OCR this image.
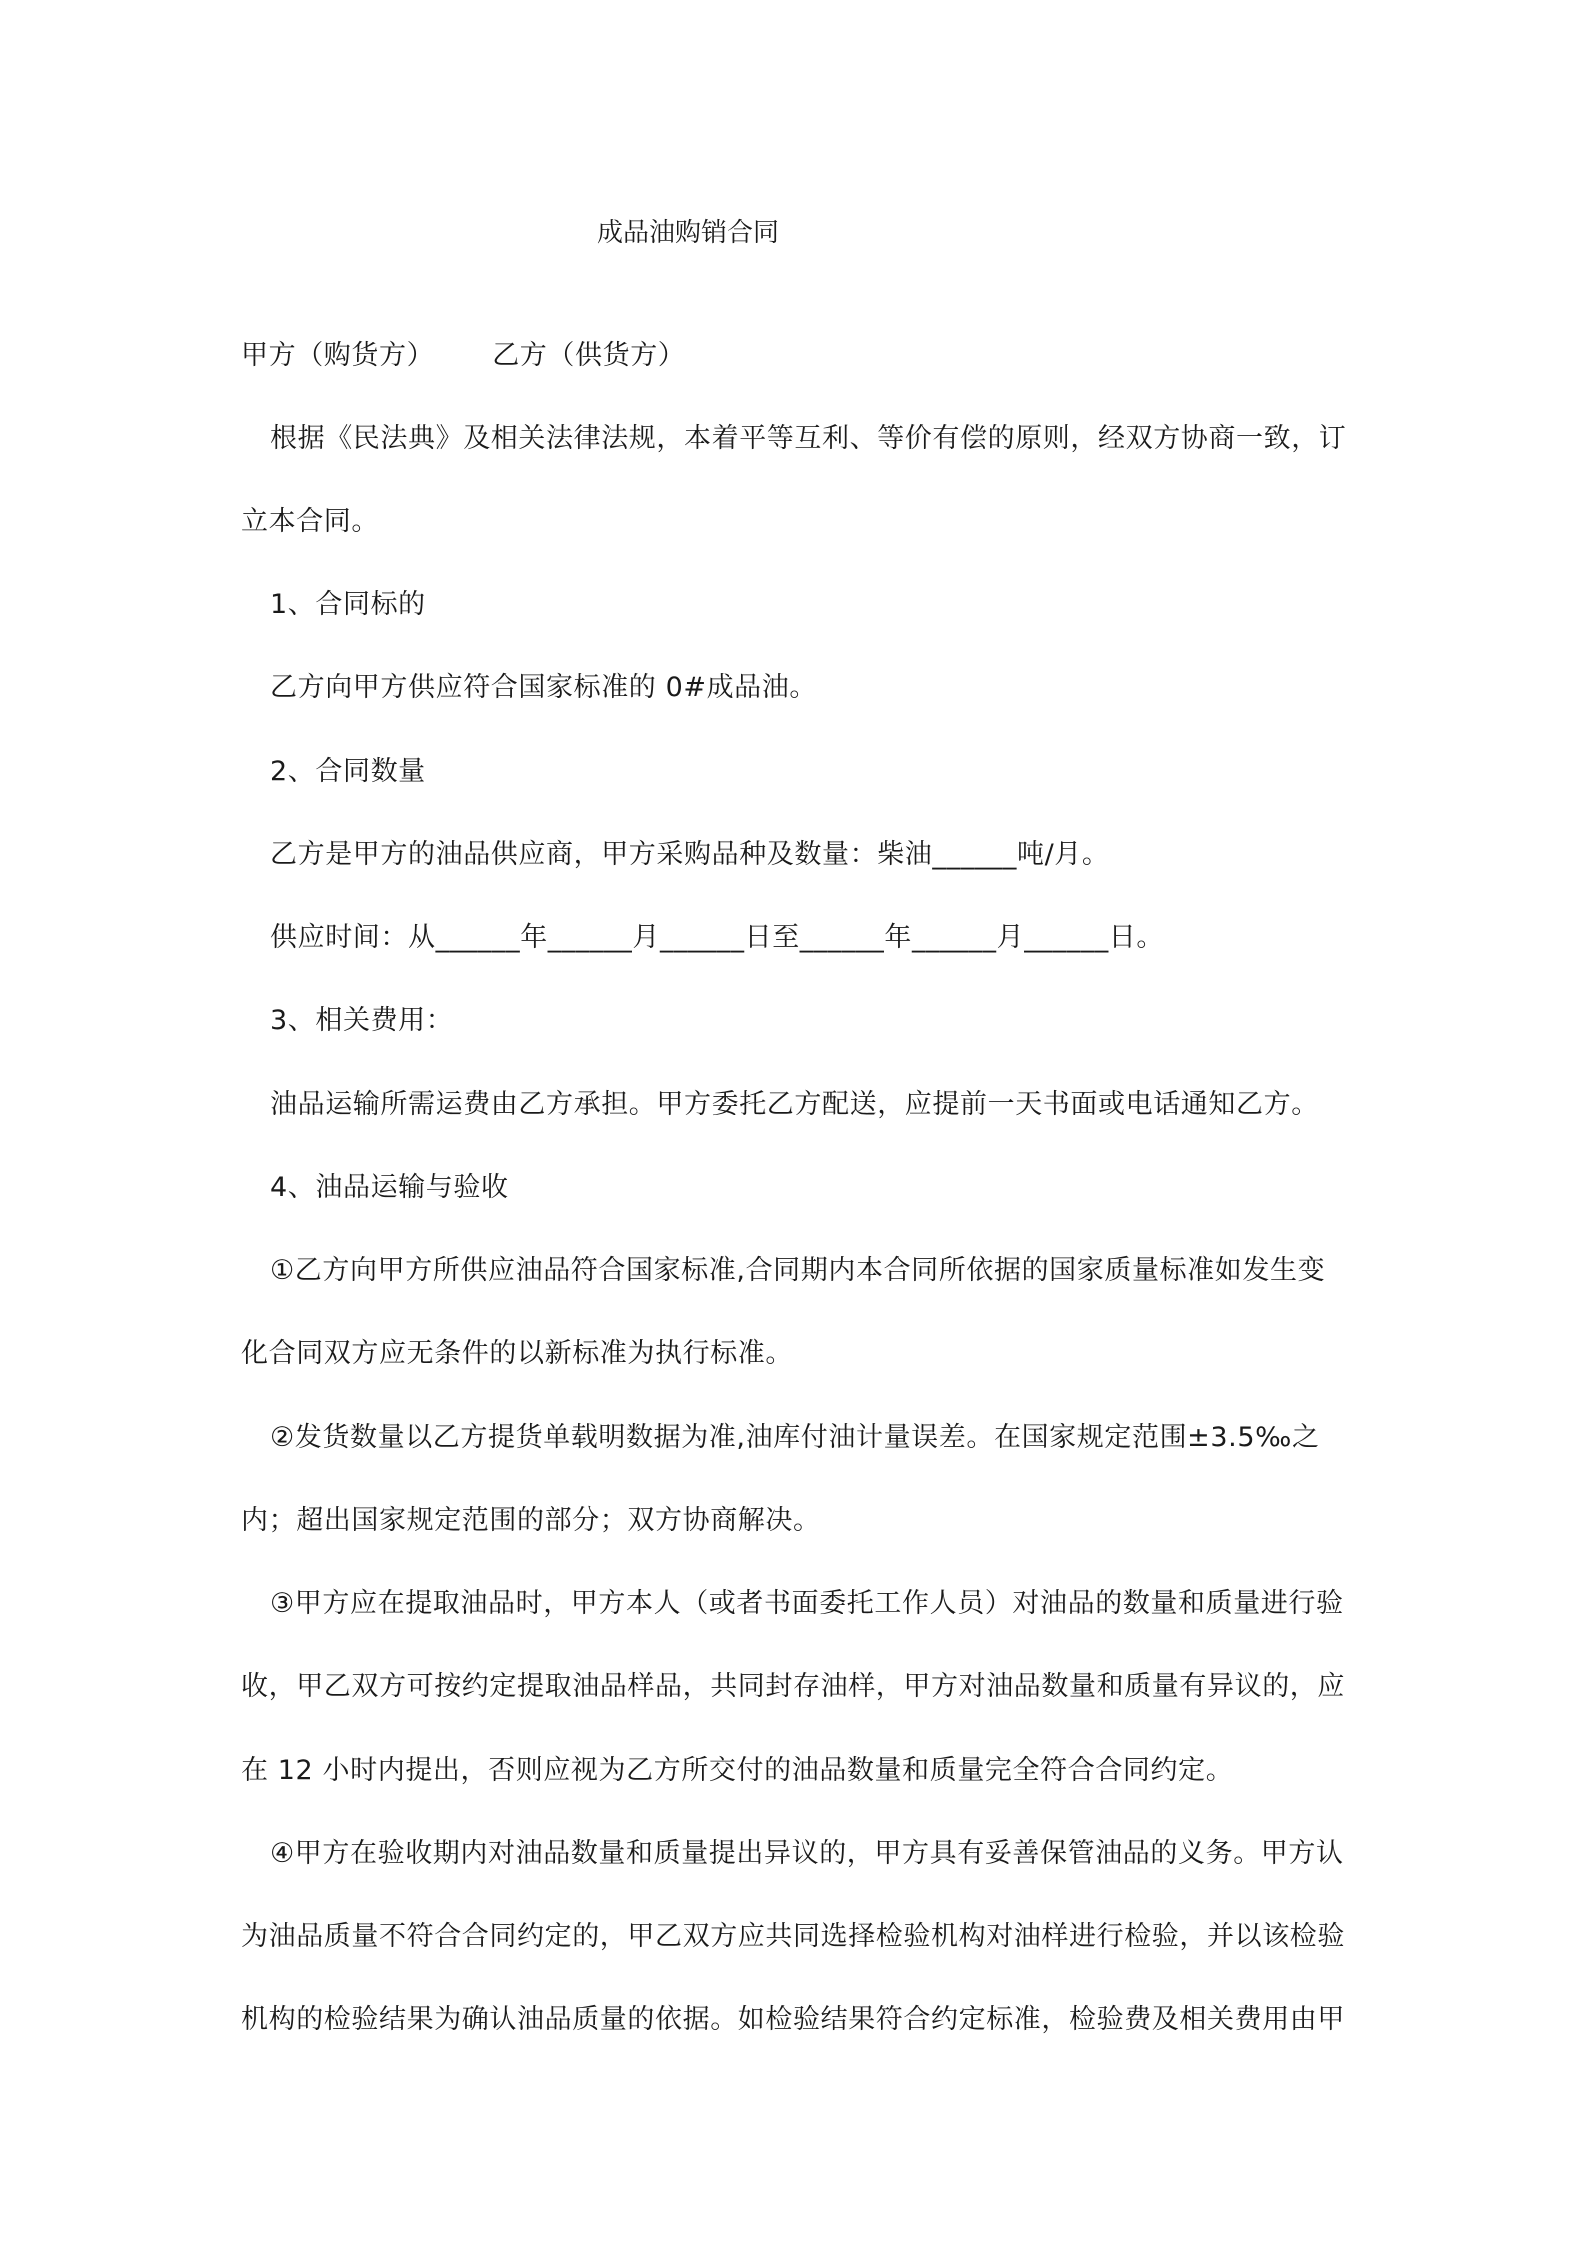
成品油购销合同
甲方（购货方） 乙方（供货方）
根据《民法典》及相关法律法规，本着平等互利、等价有偿的原则，经双方协商一致，订
立本合同。
1、合同标的
乙方向甲方供应符合国家标准的 0#成品油。
2、合同数量
乙方是甲方的油品供应商，甲方采购品种及数量：柴油______吨/月。
供应时间：从______年______月______日至______年______月______日。
3、相关费用：
油品运输所需运费由乙方承担。甲方委托乙方配送，应提前一天书面或电话通知乙方。
4、油品运输与验收
①乙方向甲方所供应油品符合国家标准,合同期内本合同所依据的国家质量标准如发生变
化合同双方应无条件的以新标准为执行标准。
②发货数量以乙方提货单载明数据为准,油库付油计量误差。在国家规定范围±3.5‰之
内；超出国家规定范围的部分；双方协商解决。
③甲方应在提取油品时，甲方本人（或者书面委托工作人员）对油品的数量和质量进行验
收，甲乙双方可按约定提取油品样品，共同封存油样，甲方对油品数量和质量有异议的，应
在 12 小时内提出，否则应视为乙方所交付的油品数量和质量完全符合合同约定。
④甲方在验收期内对油品数量和质量提出异议的，甲方具有妥善保管油品的义务。甲方认
为油品质量不符合合同约定的，甲乙双方应共同选择检验机构对油样进行检验，并以该检验
机构的检验结果为确认油品质量的依据。如检验结果符合约定标准，检验费及相关费用由甲
